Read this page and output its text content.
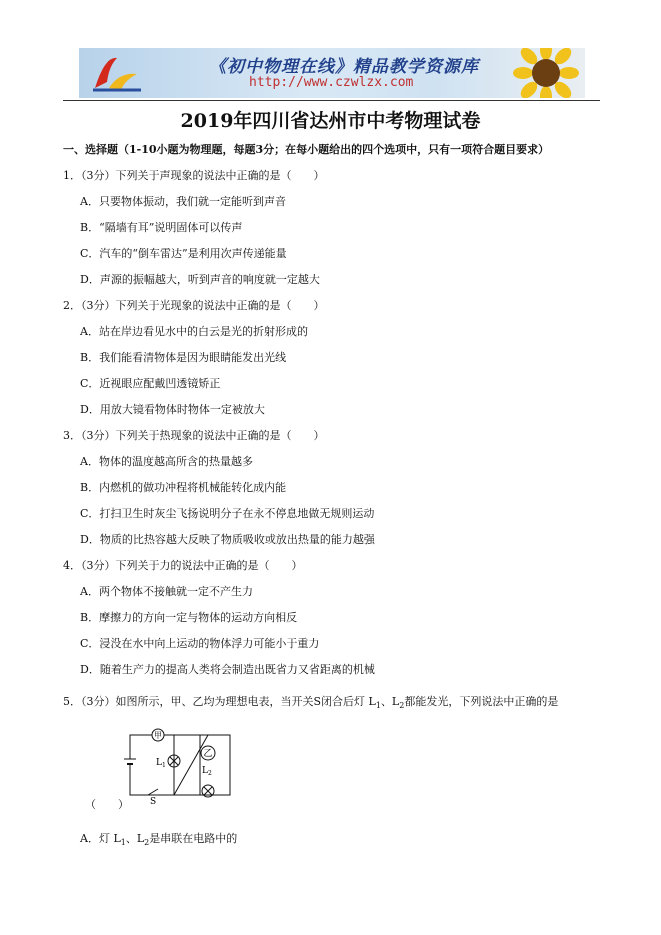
《初中物理在线》精品教学资源库
http://www.czwlzx.com
2019年四川省达州市中考物理试卷
一、选择题（1-10小题为物理题，每题3分；在每小题给出的四个选项中，只有一项符合题目要求）
1．（3分）下列关于声现象的说法中正确的是（　　）
A．只要物体振动，我们就一定能听到声音
B．“隔墙有耳”说明固体可以传声
C．汽车的“倒车雷达”是利用次声传递能量
D．声源的振幅越大，听到声音的响度就一定越大
2．（3分）下列关于光现象的说法中正确的是（　　）
A．站在岸边看见水中的白云是光的折射形成的
B．我们能看清物体是因为眼睛能发出光线
C．近视眼应配戴凹透镜矫正
D．用放大镜看物体时物体一定被放大
3．（3分）下列关于热现象的说法中正确的是（　　）
A．物体的温度越高所含的热量越多
B．内燃机的做功冲程将机械能转化成内能
C．打扫卫生时灰尘飞扬说明分子在永不停息地做无规则运动
D．物质的比热容越大反映了物质吸收或放出热量的能力越强
4．（3分）下列关于力的说法中正确的是（　　）
A．两个物体不接触就一定不产生力
B．摩擦力的方向一定与物体的运动方向相反
C．浸没在水中向上运动的物体浮力可能小于重力
D．随着生产力的提高人类将会制造出既省力又省距离的机械
5．（3分）如图所示，甲、乙均为理想电表，当开关S闭合后灯 $L_1$、$L_2$都能发光，下列说法中正确的是
甲
乙
$L_1$
$L_2$
S
（　　）
A．灯 $L_1$、$L_2$是串联在电路中的
